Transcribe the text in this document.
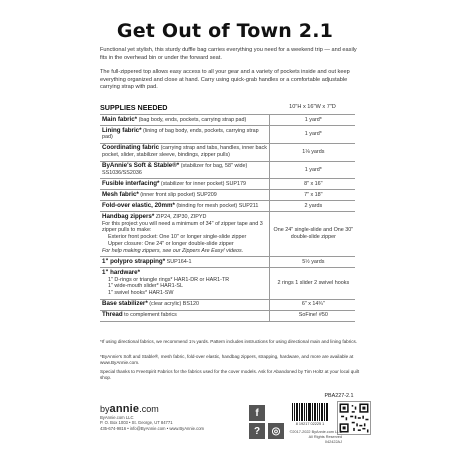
Get Out of Town 2.1

Functional yet stylish, this sturdy duffle bag carries everything you need for a weekend trip — and easily fits in the overhead bin or under the forward seat.

The full-zippered top allows easy access to all your gear and a variety of pockets inside and out keep everything organized and close at hand. Carry using quick-grab handles or a comfortable adjustable carrying strap with pad.

SUPPLIES NEEDED	10"H x 16"W x 7"D
Main fabric* (bag body, ends, pockets, carrying strap pad)	1 yard*
Lining fabric* (lining of bag body, ends, pockets, carrying strap pad)	1 yard*
Coordinating fabric (carrying strap and tabs, handles, inner back pocket, slider, stabilizer sleeve, bindings, zipper pulls)	1⅛ yards
ByAnnie's Soft & Stable®* (stabilizer for bag, 58" wide)
SS1036/SS2036	1 yard*
Fusible interfacing* (stabilizer for inner pocket) SUP179	8" x 16"
Mesh fabric* (inner front slip pocket) SUP209	7" x 18"
Fold-over elastic, 20mm* (binding for mesh pocket) SUP211	2 yards
Handbag zippers* ZIP24, ZIP30, ZIPYD
For this project you will need a minimum of 34" of zipper tape and 3 zipper pulls to make:
Exterior front pocket: One 10" or longer single-slide zipper
Upper closure: One 24" or longer double-slide zipper
For help making zippers, see our Zippers Are Easy! videos.	One 24" single-slide and One 30" double-slide zipper
1" polypro strapping* SUP164-1	5½ yards
1" hardware*
1" D-rings or triangle rings* HAR1-DR or HAR1-TR
1" wide-mouth slider* HAR1-SL
1" swivel hooks* HAR1-SW	2 rings 1 slider 2 swivel hooks
Base stabilizer* (clear acrylic) BS120	6" x 14¾"
Thread to complement fabrics	SoFine! #50

*If using directional fabrics, we recommend 1⅛ yards. Pattern includes instructions for using directional main and lining fabrics.

*ByAnnie's Soft and Stable®, mesh fabric, fold-over elastic, handbag zippers, strapping, hardware, and more are available at www.ByAnnie.com.

Special thanks to FreeSpirit Fabrics for the fabrics used for the cover models. Ask for Abandoned by Tim Holtz at your local quilt shop.

PBA227-2.1
byannie.com

ByAnnie.com LLC
P. O. Box 1003 • St. George, UT 84771
435-674-9816 • info@ByAnnie.com • www.ByAnnie.com

f
?	◎
8 19217 02225 1
©2017-2022 ByAnnie.com LLC
All Rights Reserved
042422AJ
